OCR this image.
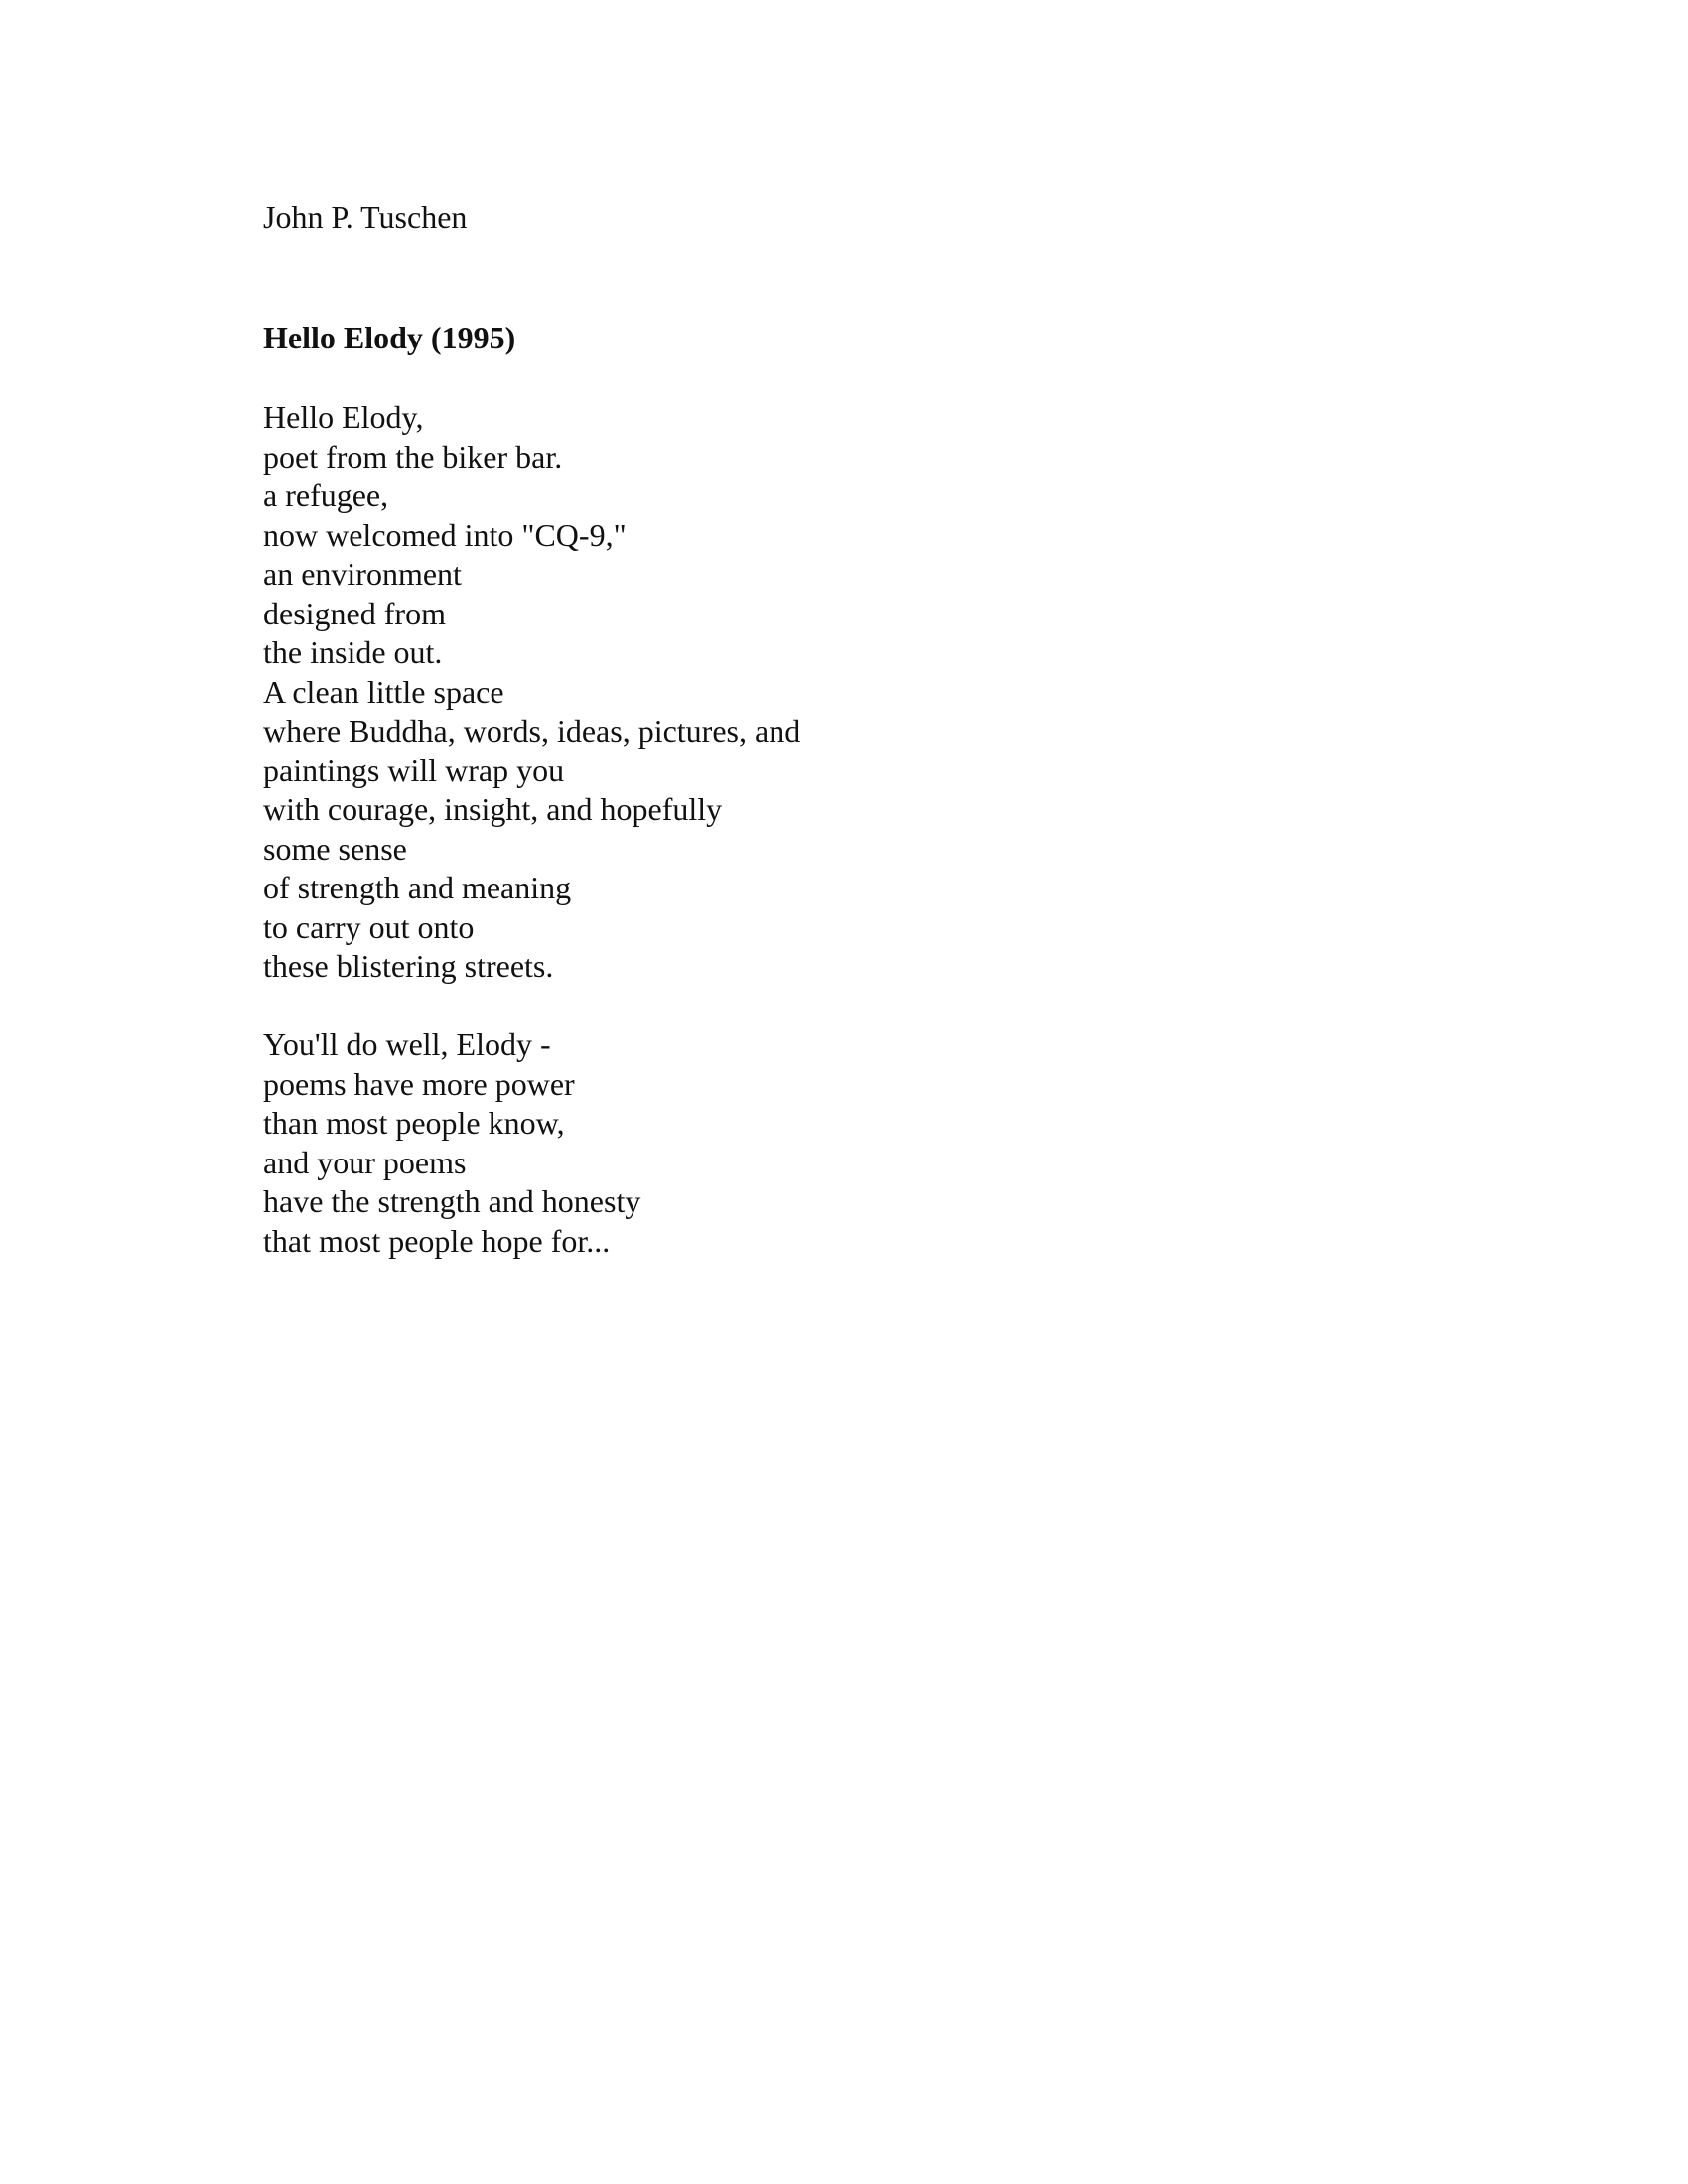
John P. Tuschen

Hello Elody (1995)
Hello Elody,
poet from the biker bar.
a refugee,
now welcomed into "CQ-9,"
an environment
designed from
the inside out.
A clean little space
where Buddha, words, ideas, pictures, and
paintings will wrap you
with courage, insight, and hopefully
some sense
of strength and meaning
to carry out onto
these blistering streets.
You'll do well, Elody -
poems have more power
than most people know,
and your poems
have the strength and honesty
that most people hope for...
